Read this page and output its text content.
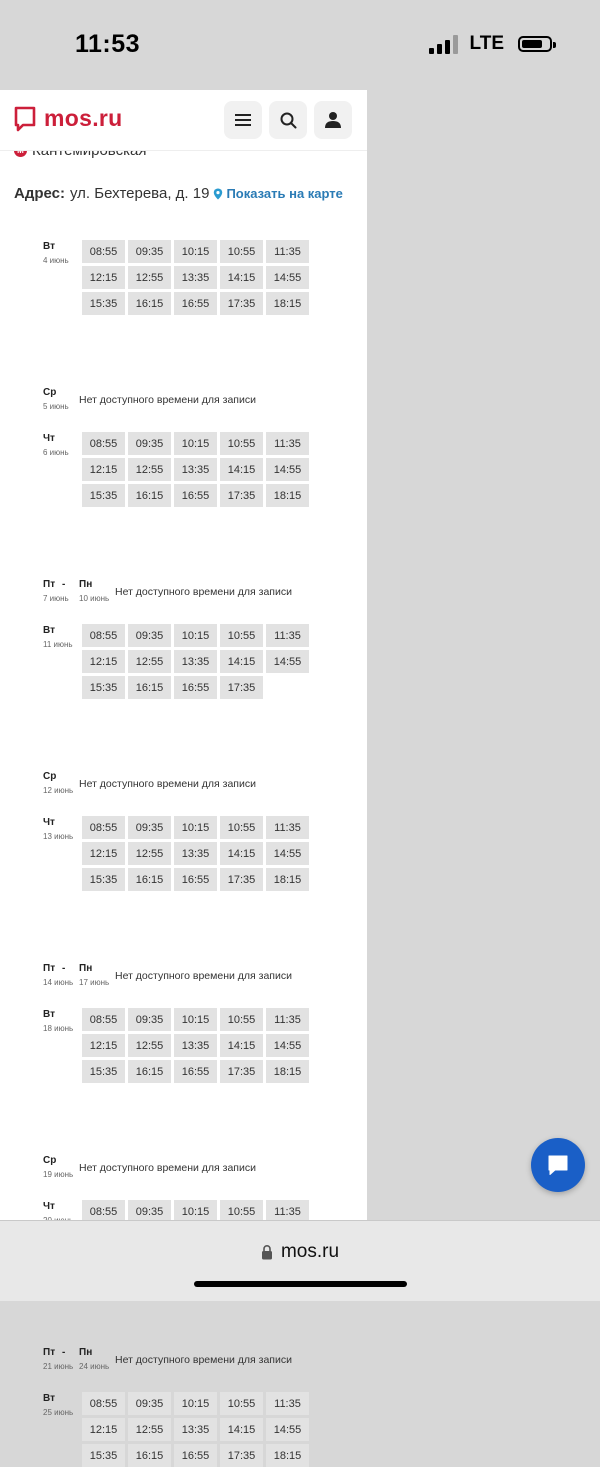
11:53	LTE
mos.ru
Адрес: ул. Бехтерева, д. 19 Показать на карте
Вт
4 июнь
08:55	09:35	10:15	10:55	11:35
12:15	12:55	13:35	14:15	14:55
15:35	16:15	16:55	17:35	18:15
Ср
5 июнь
Нет доступного времени для записи
Чт
6 июнь
08:55	09:35	10:15	10:55	11:35
12:15	12:55	13:35	14:15	14:55
15:35	16:15	16:55	17:35	18:15
Пт - Пн
7 июнь 10 июнь
Нет доступного времени для записи
Вт
11 июнь
08:55	09:35	10:15	10:55	11:35
12:15	12:55	13:35	14:15	14:55
15:35	16:15	16:55	17:35
Ср
12 июнь
Нет доступного времени для записи
Чт
13 июнь
08:55	09:35	10:15	10:55	11:35
12:15	12:55	13:35	14:15	14:55
15:35	16:15	16:55	17:35	18:15
Пт - Пн
14 июнь 17 июнь
Нет доступного времени для записи
Вт
18 июнь
08:55	09:35	10:15	10:55	11:35
12:15	12:55	13:35	14:15	14:55
15:35	16:15	16:55	17:35	18:15
Ср
19 июнь
Нет доступного времени для записи
Чт	08:55	09:35	10:15	10:55	11:35
Пт - Пн
21 июнь 24 июнь
Нет доступного времени для записи
Вт
25 июнь
08:55	09:35	10:15	10:55	11:35
12:15	12:55	13:35	14:15	14:55
15:35	16:15	16:55	17:35	18:15
mos.ru
